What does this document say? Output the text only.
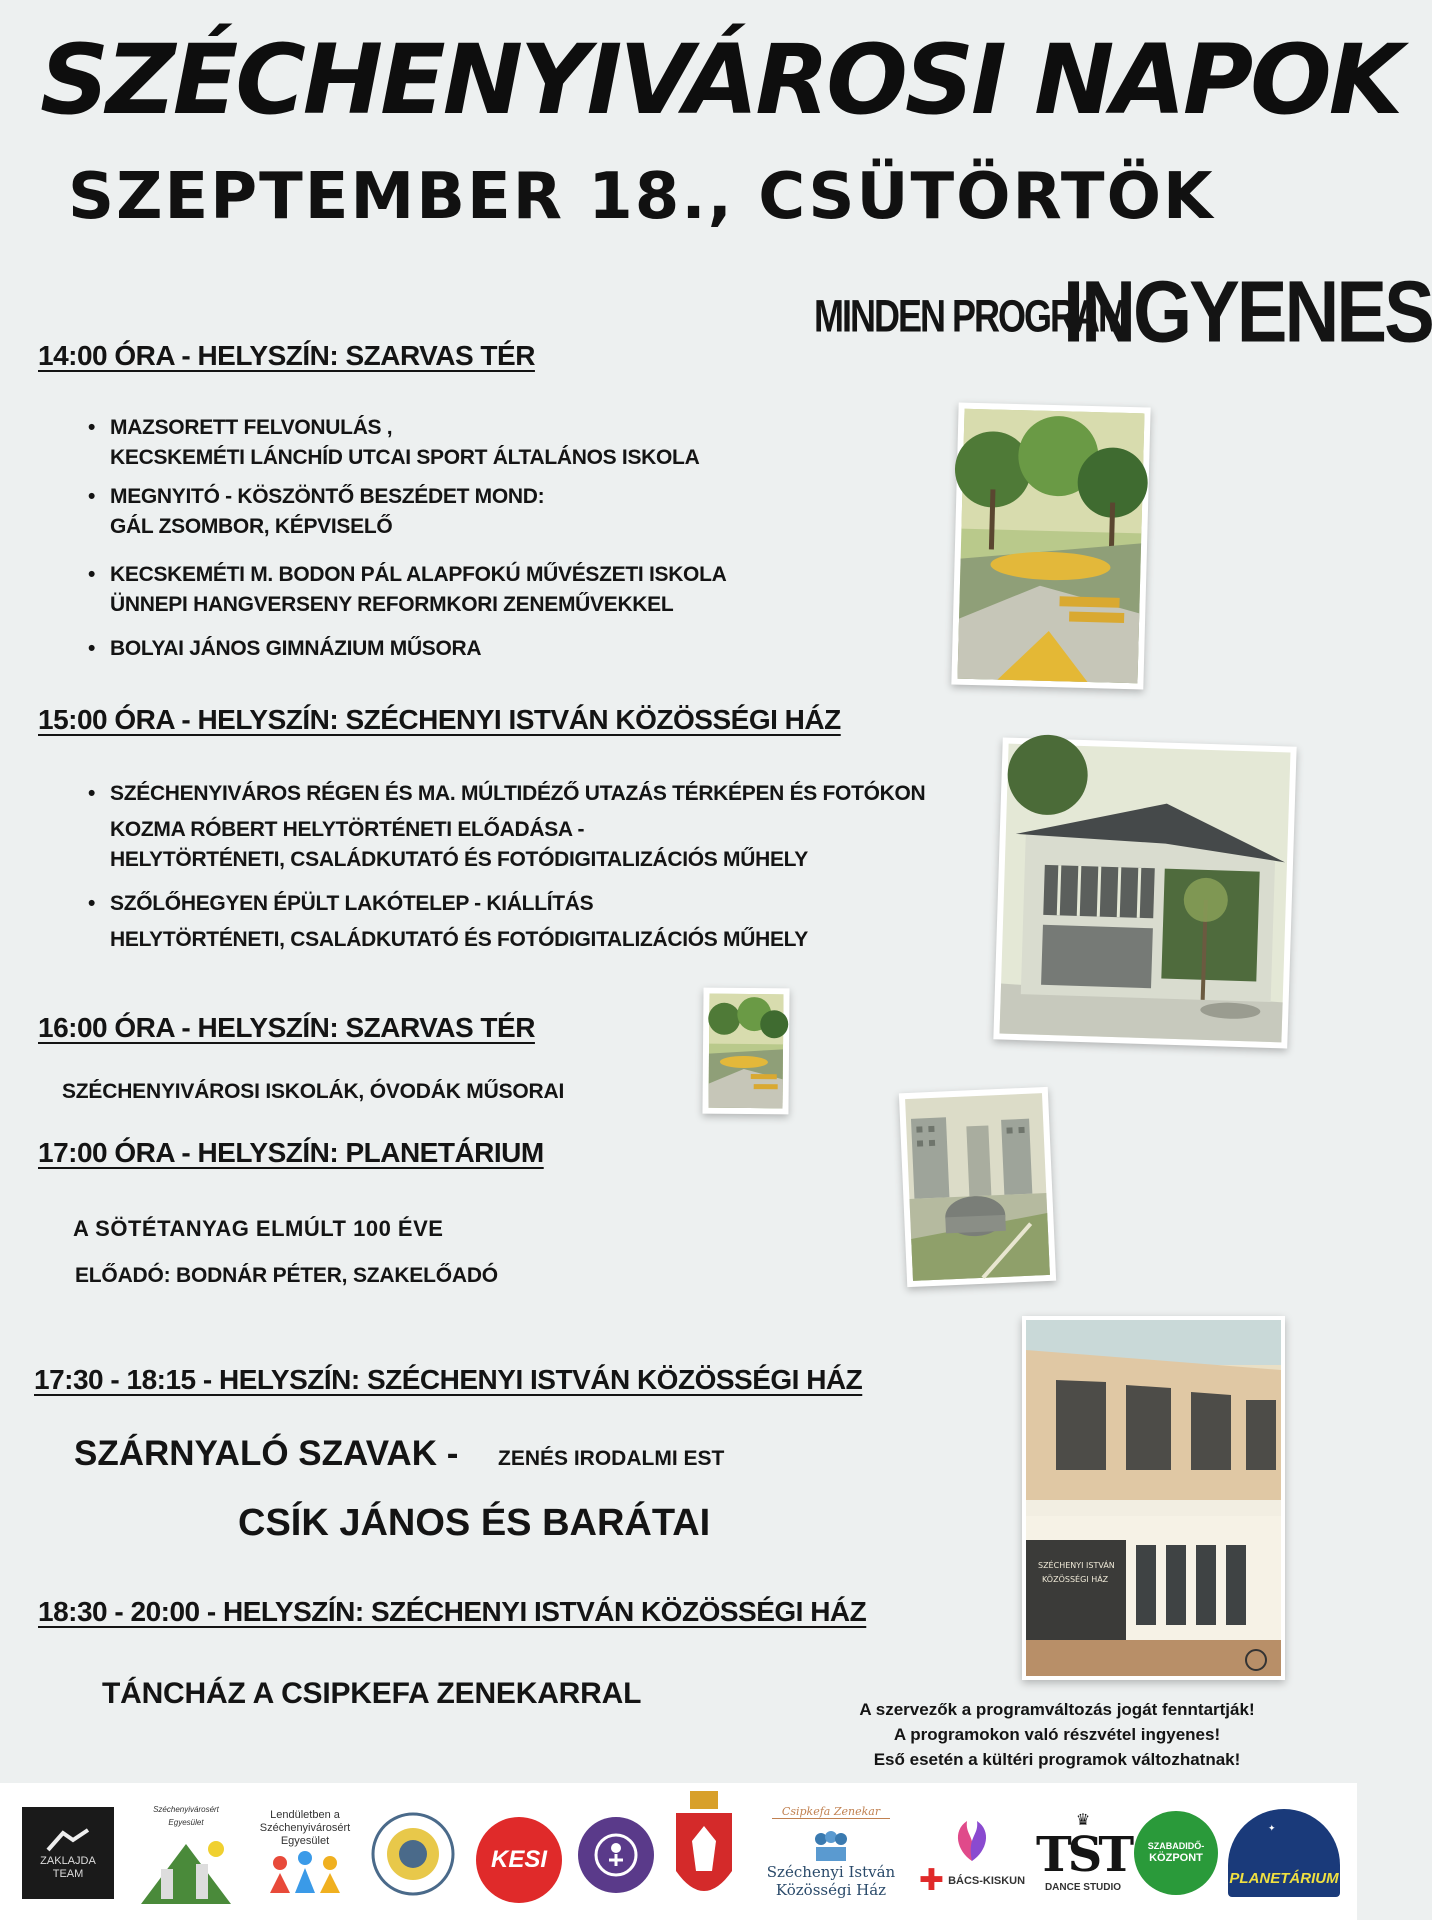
SZÉCHENYIVÁROSI NAPOK
SZEPTEMBER 18., CSÜTÖRTÖK
MINDEN PROGRAM
INGYENES
14:00 ÓRA - HELYSZÍN: SZARVAS TÉR
• MAZSORETT FELVONULÁS ,
KECSKEMÉTI LÁNCHÍD UTCAI SPORT ÁLTALÁNOS ISKOLA
• MEGNYITÓ - KÖSZÖNTŐ BESZÉDET MOND:
GÁL ZSOMBOR, KÉPVISELŐ
• KECSKEMÉTI M. BODON PÁL ALAPFOKÚ MŰVÉSZETI ISKOLA
ÜNNEPI HANGVERSENY REFORMKORI ZENEMŰVEKKEL
• BOLYAI JÁNOS GIMNÁZIUM MŰSORA
15:00 ÓRA - HELYSZÍN: SZÉCHENYI ISTVÁN KÖZÖSSÉGI HÁZ
• SZÉCHENYIVÁROS RÉGEN ÉS MA. MÚLTIDÉZŐ UTAZÁS TÉRKÉPEN ÉS FOTÓKON
KOZMA RÓBERT HELYTÖRTÉNETI ELŐADÁSA -
HELYTÖRTÉNETI, CSALÁDKUTATÓ ÉS FOTÓDIGITALIZÁCIÓS MŰHELY
• SZŐLŐHEGYEN ÉPÜLT LAKÓTELEP - KIÁLLÍTÁS
HELYTÖRTÉNETI, CSALÁDKUTATÓ ÉS FOTÓDIGITALIZÁCIÓS MŰHELY
16:00 ÓRA - HELYSZÍN: SZARVAS TÉR
SZÉCHENYIVÁROSI ISKOLÁK, ÓVODÁK MŰSORAI
17:00 ÓRA - HELYSZÍN: PLANETÁRIUM
A SÖTÉTANYAG ELMÚLT 100 ÉVE
ELŐADÓ: BODNÁR PÉTER, SZAKELŐADÓ
17:30 - 18:15 - HELYSZÍN: SZÉCHENYI ISTVÁN KÖZÖSSÉGI HÁZ
SZÁRNYALÓ SZAVAK - ZENÉS IRODALMI EST
CSÍK JÁNOS ÉS BARÁTAI
18:30 - 20:00 - HELYSZÍN: SZÉCHENYI ISTVÁN KÖZÖSSÉGI HÁZ
TÁNCHÁZ A CSIPKEFA ZENEKARRAL	A szervezők a programváltozás jogát fenntartják!
A programokon való részvétel ingyenes!
Eső esetén a kültéri programok változhatnak!
SZÉCHENYI ISTVÁN
KÖZÖSSÉGI HÁZ
ZAKLAJDA
TEAM
Széchenyivárosért Egyesület
Lendületben a Széchenyivárosért Egyesület
KESI
Csipkefa Zenekar
Széchenyi István
Közösségi Ház ✚ BÁCS-KISKUN
♛
TST
DANCE STUDIO
SZABADIDŐ-
KÖZPONT
✦
PLANETÁRIUM
